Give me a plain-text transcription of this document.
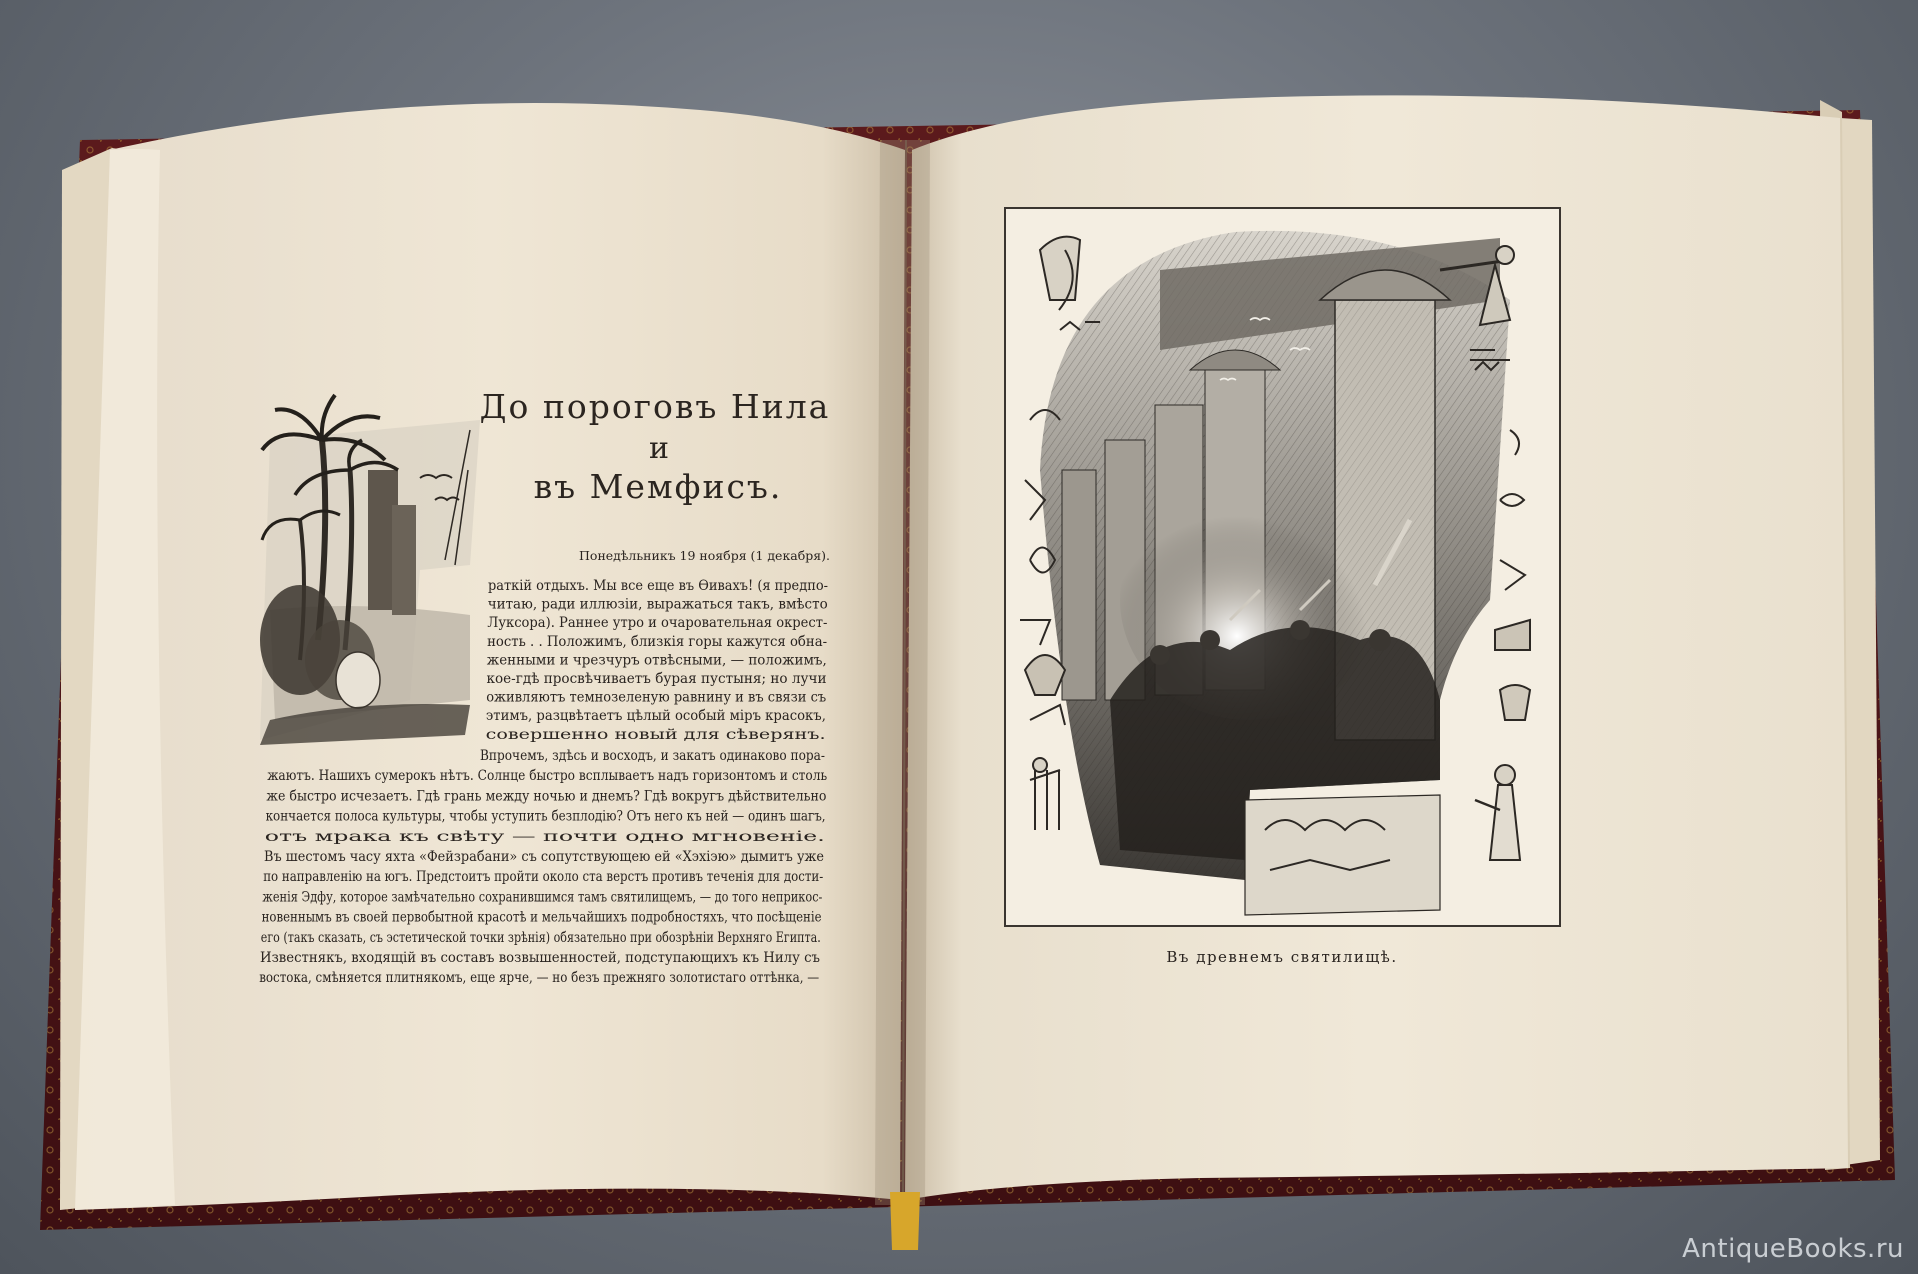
До пороговъ Нила
и
въ Мемфисъ.
Понедѣльникъ 19 ноября (1 декабря).
раткій отдыхъ. Мы все еще въ Ѳивахъ! (я предпо-
читаю, ради иллюзіи, выражаться такъ, вмѣсто
Луксора). Раннее утро и очаровательная окрест-
ность . . Положимъ, близкія горы кажутся обна-
женными и чрезчуръ отвѣсными, — положимъ,
кое-гдѣ просвѣчиваетъ бурая пустыня; но лучи
оживляютъ темнозеленую равнину и въ связи съ
этимъ, разцвѣтаетъ цѣлый особый міръ красокъ,
совершенно новый для сѣверянъ.
Впрочемъ, здѣсь и восходъ, и закатъ одинаково пора-
жаютъ. Нашихъ сумерокъ нѣтъ. Солнце быстро всплываетъ надъ горизонтомъ и столь
же быстро исчезаетъ. Гдѣ грань между ночью и днемъ? Гдѣ вокругъ дѣйствительно
кончается полоса культуры, чтобы уступить безплодію? Отъ него къ ней — одинъ шагъ,
отъ мрака къ свѣту — почти одно мгновеніе.
Въ шестомъ часу яхта «Фейзрабани» съ сопутствующею ей «Хэхіэю» дымитъ уже
по направленію на югъ. Предстоитъ пройти около ста верстъ противъ теченія для дости-
женія Эдфу, которое замѣчательно сохранившимся тамъ святилищемъ, — до того неприкос-
новеннымъ въ своей первобытной красотѣ и мельчайшихъ подробностяхъ, что посѣщеніе
его (такъ сказать, съ эстетической точки зрѣнія) обязательно при обозрѣніи Верхняго Египта.
Известнякъ, входящій въ составъ возвышенностей, подступающихъ къ Нилу съ
востока, смѣняется плитнякомъ, еще ярче, — но безъ прежняго золотистаго оттѣнка, —
Въ древнемъ святилищѣ.
AntiqueBooks.ru
